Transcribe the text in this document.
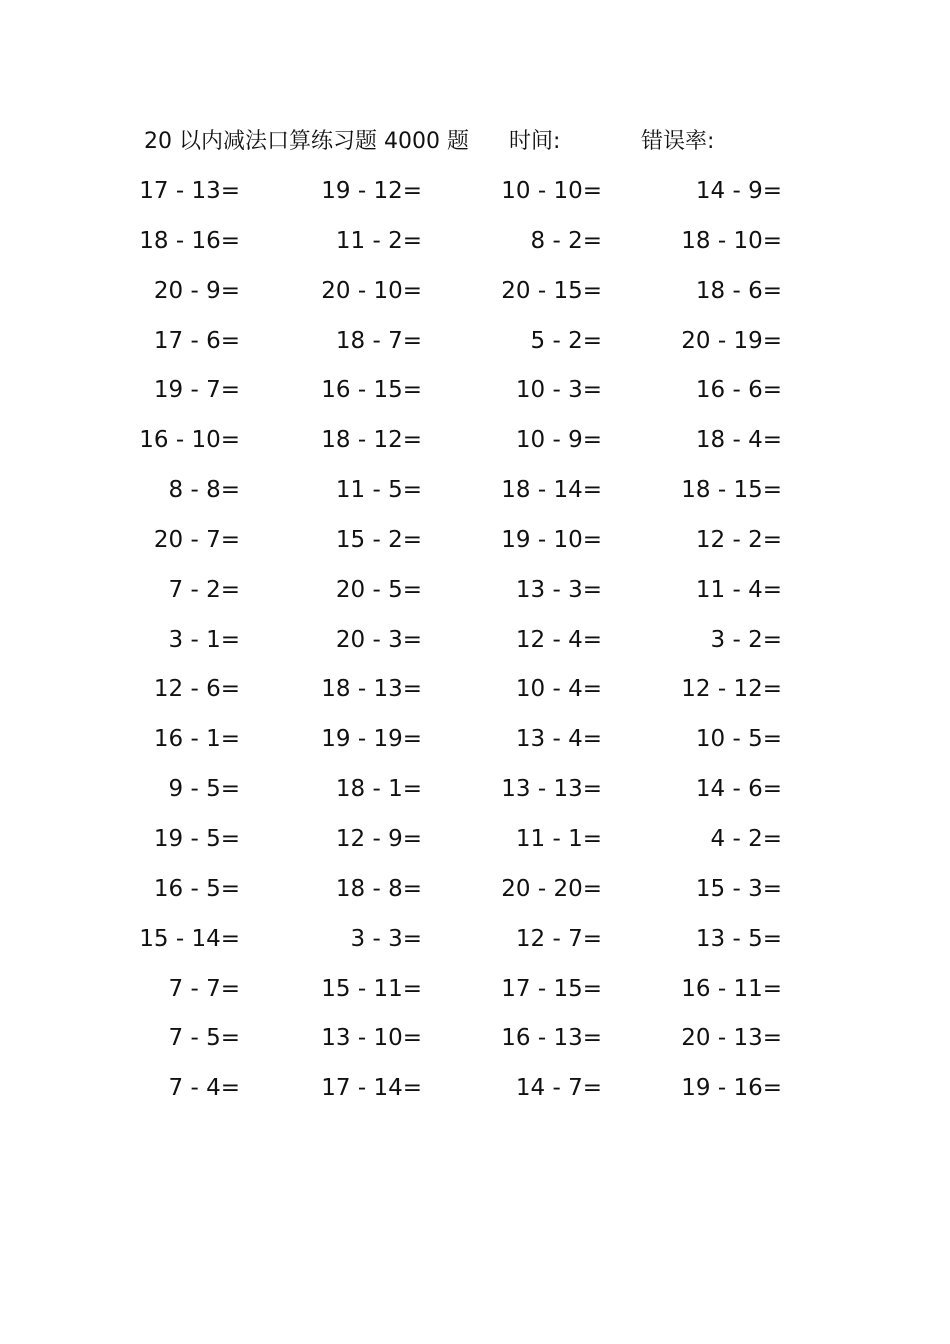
20 以内减法口算练习题 4000 题 时间:	错误率:
17 - 13=	19 - 12=	10 - 10=	14 - 9=
18 - 16=	11 - 2=	8 - 2=	18 - 10=
20 - 9=	20 - 10=	20 - 15=	18 - 6=
17 - 6=	18 - 7=	5 - 2=	20 - 19=
19 - 7=	16 - 15=	10 - 3=	16 - 6=
16 - 10=	18 - 12=	10 - 9=	18 - 4=
8 - 8=	11 - 5=	18 - 14=	18 - 15=
20 - 7=	15 - 2=	19 - 10=	12 - 2=
7 - 2=	20 - 5=	13 - 3=	11 - 4=
3 - 1=	20 - 3=	12 - 4=	3 - 2=
12 - 6=	18 - 13=	10 - 4=	12 - 12=
16 - 1=	19 - 19=	13 - 4=	10 - 5=
9 - 5=	18 - 1=	13 - 13=	14 - 6=
19 - 5=	12 - 9=	11 - 1=	4 - 2=
16 - 5=	18 - 8=	20 - 20=	15 - 3=
15 - 14=	3 - 3=	12 - 7=	13 - 5=
7 - 7=	15 - 11=	17 - 15=	16 - 11=
7 - 5=	13 - 10=	16 - 13=	20 - 13=
7 - 4=	17 - 14=	14 - 7=	19 - 16=
